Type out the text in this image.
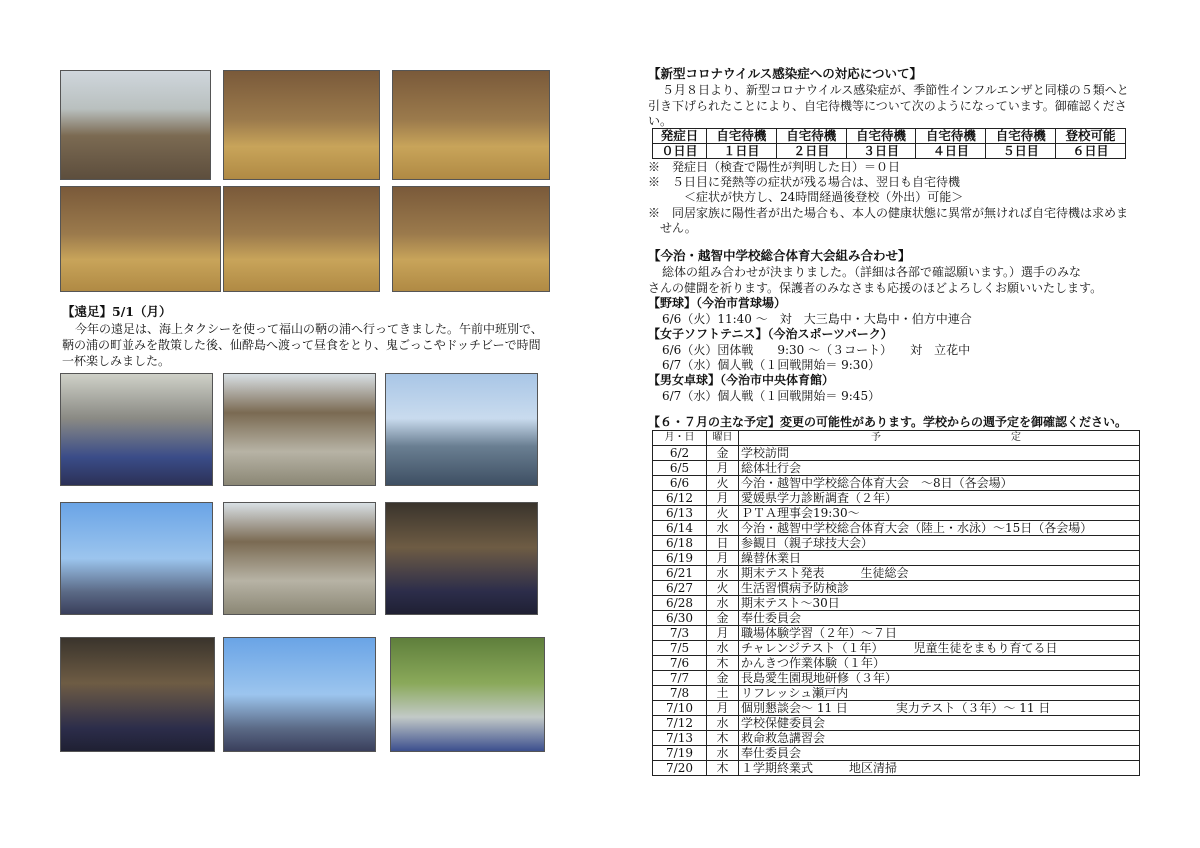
【遠足】5/1（月）
今年の遠足は、海上タクシーを使って福山の鞆の浦へ行ってきました。午前中班別で、
鞆の浦の町並みを散策した後、仙酔島へ渡って昼食をとり、鬼ごっこやドッチビーで時間
一杯楽しみました。
【新型コロナウイルス感染症への対応について】
５月８日より、新型コロナウイルス感染症が、季節性インフルエンザと同様の５類へと
引き下げられたことにより、自宅待機等について次のようになっています。御確認くださ
い。
発症日	自宅待機	自宅待機	自宅待機	自宅待機	自宅待機	登校可能
０日目	１日目	２日目	３日目	４日目	５日目	６日目
※　発症日（検査で陽性が判明した日）＝０日
※　５日目に発熱等の症状が残る場合は、翌日も自宅待機
　　　＜症状が快方し、24時間経過後登校（外出）可能＞
※　同居家族に陽性者が出た場合も、本人の健康状態に異常が無ければ自宅待機は求めま
　せん。
【今治・越智中学校総合体育大会組み合わせ】
総体の組み合わせが決まりました。（詳細は各部で確認願います。）選手のみな
さんの健闘を祈ります。保護者のみなさまも応援のほどよろしくお願いいたします。
【野球】（今治市営球場）
6/6（火）11:40 ～　対　大三島中・大島中・伯方中連合
【女子ソフトテニス】（今治スポーツパーク）
6/6（火）団体戦　　9:30 ～（３コート）　　対　立花中
6/7（水）個人戦（１回戦開始＝ 9:30）
【男女卓球】（今治市中央体育館）
6/7（水）個人戦（１回戦開始＝ 9:45）
【６・７月の主な予定】変更の可能性があります。学校からの週予定を御確認ください。
月・日	曜日	予 定
6/2	金	学校訪問
6/5	月	総体壮行会
6/6	火	今治・越智中学校総合体育大会　～8日（各会場）
6/12	月	愛媛県学力診断調査（２年）
6/13	火	ＰＴＡ理事会19:30～
6/14	水	今治・越智中学校総合体育大会（陸上・水泳）～15日（各会場）
6/18	日	参観日（親子球技大会）
6/19	月	繰替休業日
6/21	水	期末テスト発表　　　生徒総会
6/27	火	生活習慣病予防検診
6/28	水	期末テスト～30日
6/30	金	奉仕委員会
7/3	月	職場体験学習（２年）～７日
7/5	水	チャレンジテスト（１年）　　　児童生徒をまもり育てる日
7/6	木	かんきつ作業体験（１年）
7/7	金	長島愛生園現地研修（３年）
7/8	土	リフレッシュ瀬戸内
7/10	月	個別懇談会～ 11 日　　　　実力テスト（３年）～ 11 日
7/12	水	学校保健委員会
7/13	木	救命救急講習会
7/19	水	奉仕委員会
7/20	木	１学期終業式　　　地区清掃
